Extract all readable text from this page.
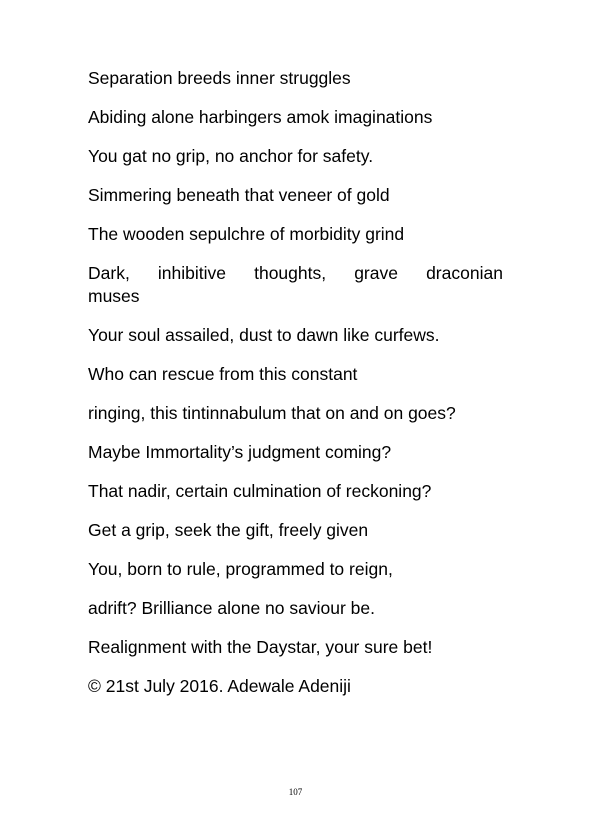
Separation breeds inner struggles
Abiding alone harbingers amok imaginations
You gat no grip, no anchor for safety.
Simmering beneath that veneer of gold
The wooden sepulchre of morbidity grind
Dark, inhibitive thoughts, grave draconian
muses
Your soul assailed, dust to dawn like curfews.
Who can rescue from this constant
ringing, this tintinnabulum that on and on goes?
Maybe Immortality’s judgment coming?
That nadir, certain culmination of reckoning?
Get a grip, seek the gift, freely given
You, born to rule, programmed to reign,
adrift? Brilliance alone no saviour be.
Realignment with the Daystar, your sure bet!
© 21st July 2016. Adewale Adeniji
107
